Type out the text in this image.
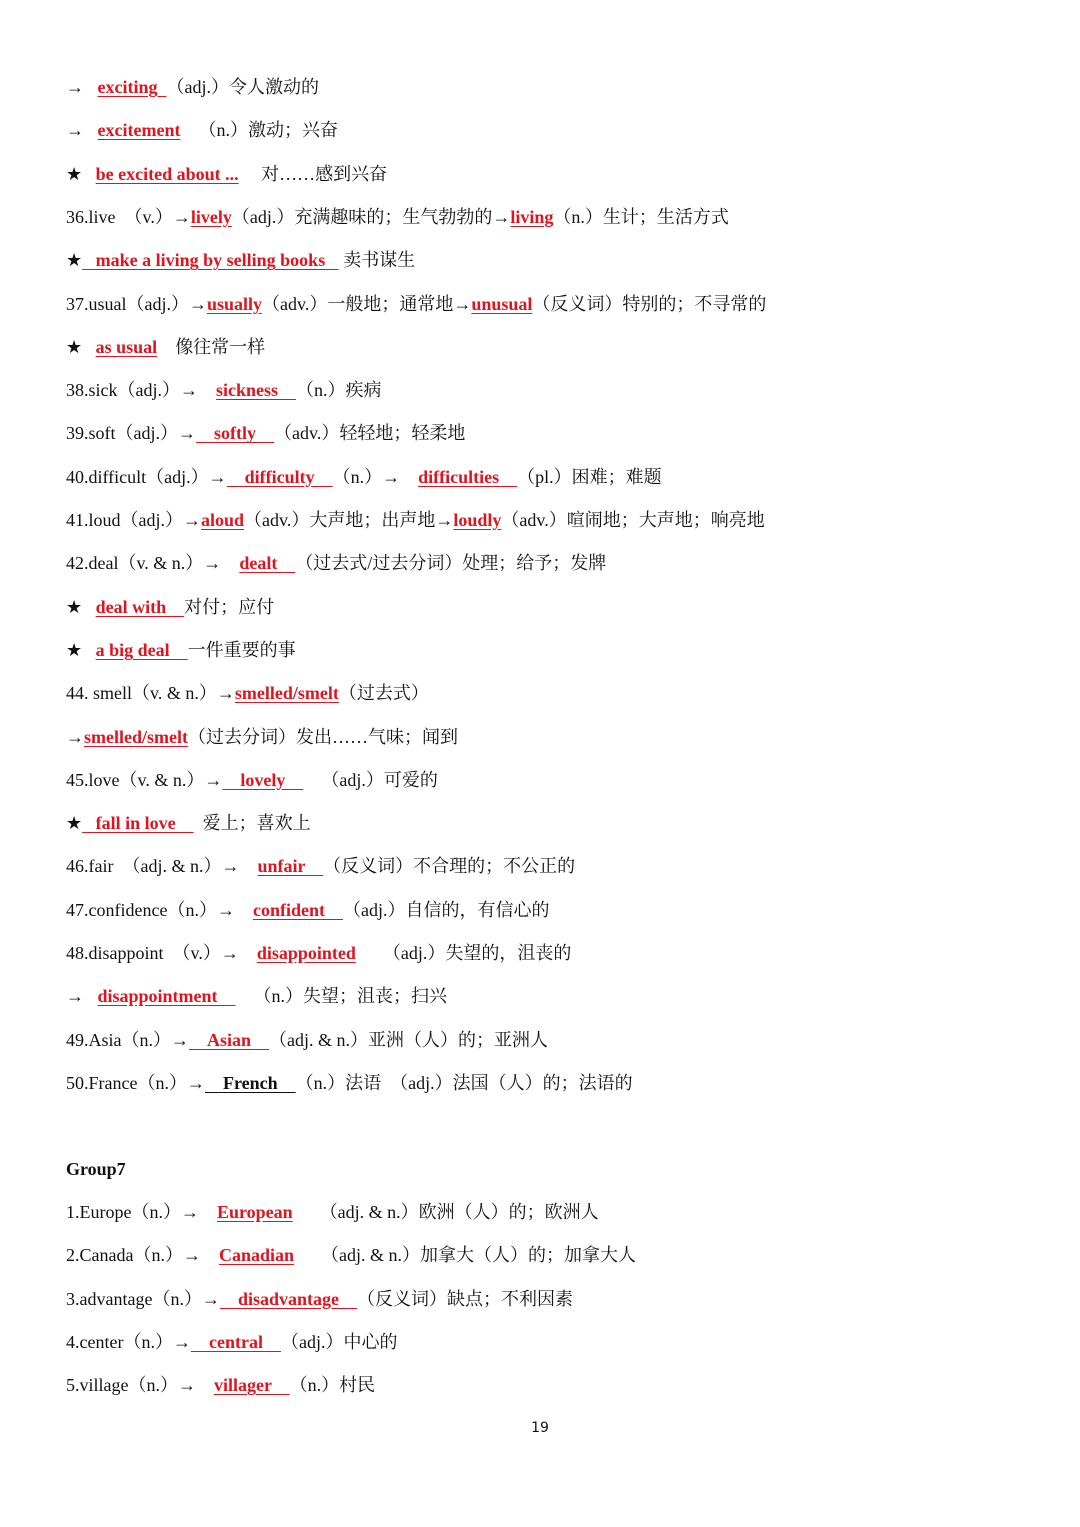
→   exciting  （adj.）令人激动的
→   excitement    （n.）激动；兴奋
★   be excited about ...     对……感到兴奋
36.live  （v.）→lively（adj.）充满趣味的；生气勃勃的→living（n.）生计；生活方式
★   make a living by selling books    卖书谋生
37.usual（adj.）→usually（adv.）一般地；通常地→unusual（反义词）特别的；不寻常的
★   as usual    像往常一样
38.sick（adj.）→    sickness    （n.）疾病
39.soft（adj.）→    softly    （adv.）轻轻地；轻柔地
40.difficult（adj.）→    difficulty    （n.）→    difficulties    （pl.）困难；难题
41.loud（adj.）→aloud（adv.）大声地；出声地→loudly（adv.）喧闹地；大声地；响亮地
42.deal（v. & n.）→    dealt    （过去式/过去分词）处理；给予；发牌
★   deal with    对付；应付
★   a big deal    一件重要的事
44. smell（v. & n.）→smelled/smelt（过去式）
→smelled/smelt（过去分词）发出……气味；闻到
45.love（v. & n.）→    lovely        （adj.）可爱的
★   fall in love      爱上；喜欢上
46.fair  （adj. & n.）→    unfair    （反义词）不合理的；不公正的
47.confidence（n.）→    confident    （adj.）自信的，有信心的
48.disappoint  （v.）→    disappointed      （adj.）失望的，沮丧的
→   disappointment        （n.）失望；沮丧；扫兴
49.Asia（n.）→    Asian    （adj. & n.）亚洲（人）的；亚洲人
50.France（n.）→    French    （n.）法语  （adj.）法国（人）的；法语的
Group7
1.Europe（n.）→    European      （adj. & n.）欧洲（人）的；欧洲人
2.Canada（n.）→    Canadian      （adj. & n.）加拿大（人）的；加拿大人
3.advantage（n.）→    disadvantage    （反义词）缺点；不利因素
4.center（n.）→    central    （adj.）中心的
5.village（n.）→    villager    （n.）村民
19
